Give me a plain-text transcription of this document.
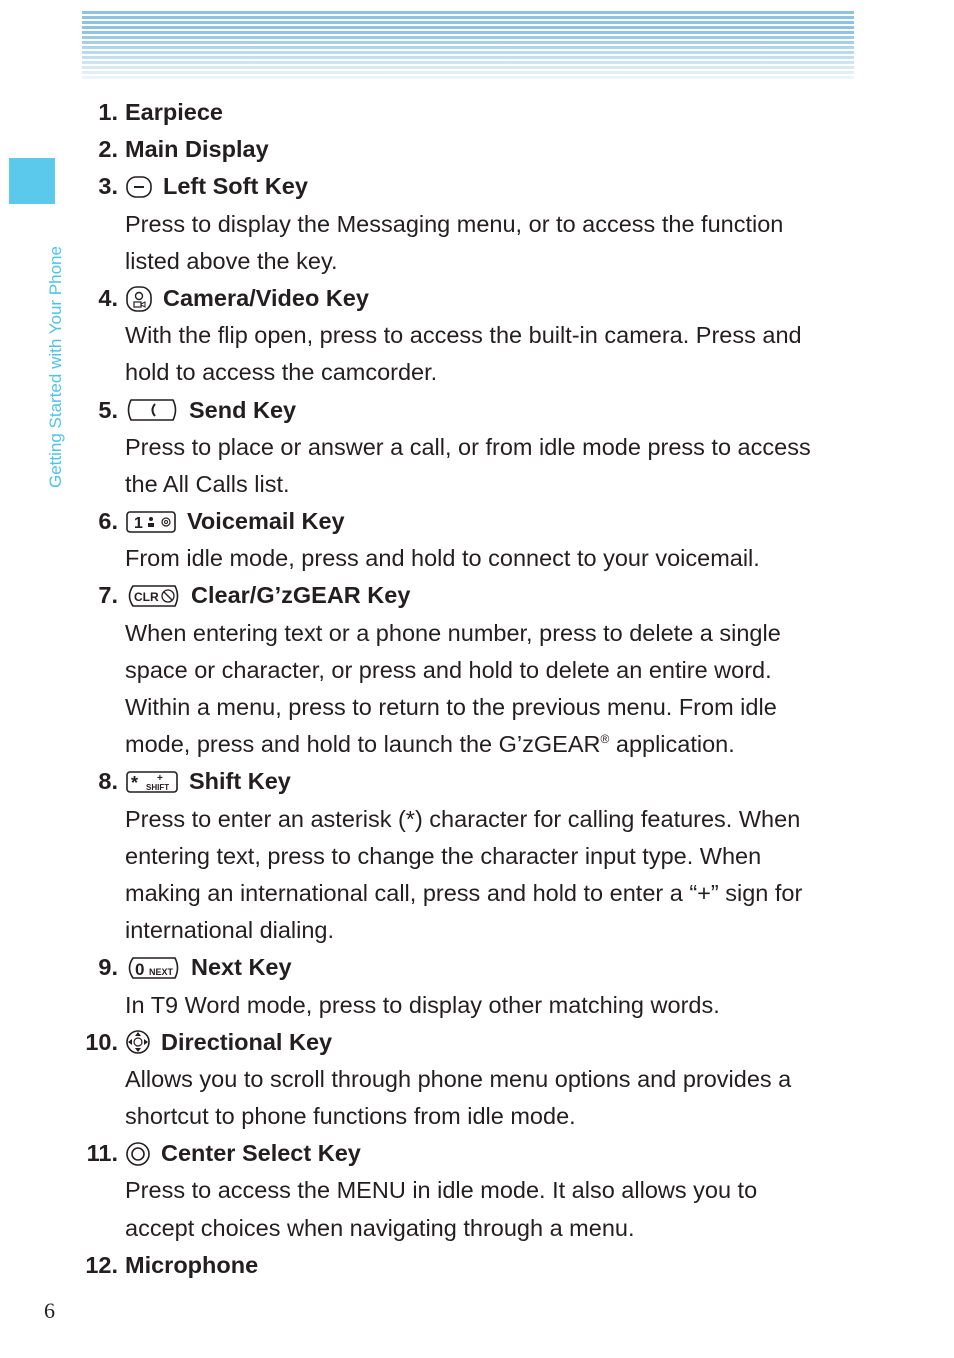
Getting Started with Your Phone
6
1. Earpiece
2. Main Display
3. Left Soft Key
Press to display the Messaging menu, or to access the function
listed above the key.
4. Camera/Video Key
With the flip open, press to access the built-in camera. Press and
hold to access the camcorder.
5.	Send Key
Press to place or answer a call, or from idle mode press to access
the All Calls list.
6. 1 Voicemail Key
From idle mode, press and hold to connect to your voicemail.
7. CLR Clear/G’zGEAR Key
When entering text or a phone number, press to delete a single
space or character, or press and hold to delete an entire word.
Within a menu, press to return to the previous menu. From idle
mode, press and hold to launch the G’zGEAR® application.
8. * +
SHIFT Shift Key
Press to enter an asterisk (*) character for calling features. When
entering text, press to change the character input type. When
making an international call, press and hold to enter a “+” sign for
international dialing.
9. 0 NEXT Next Key
In T9 Word mode, press to display other matching words.
10. Directional Key
Allows you to scroll through phone menu options and provides a
shortcut to phone functions from idle mode.
11. Center Select Key
Press to access the MENU in idle mode. It also allows you to
accept choices when navigating through a menu.
12. Microphone
